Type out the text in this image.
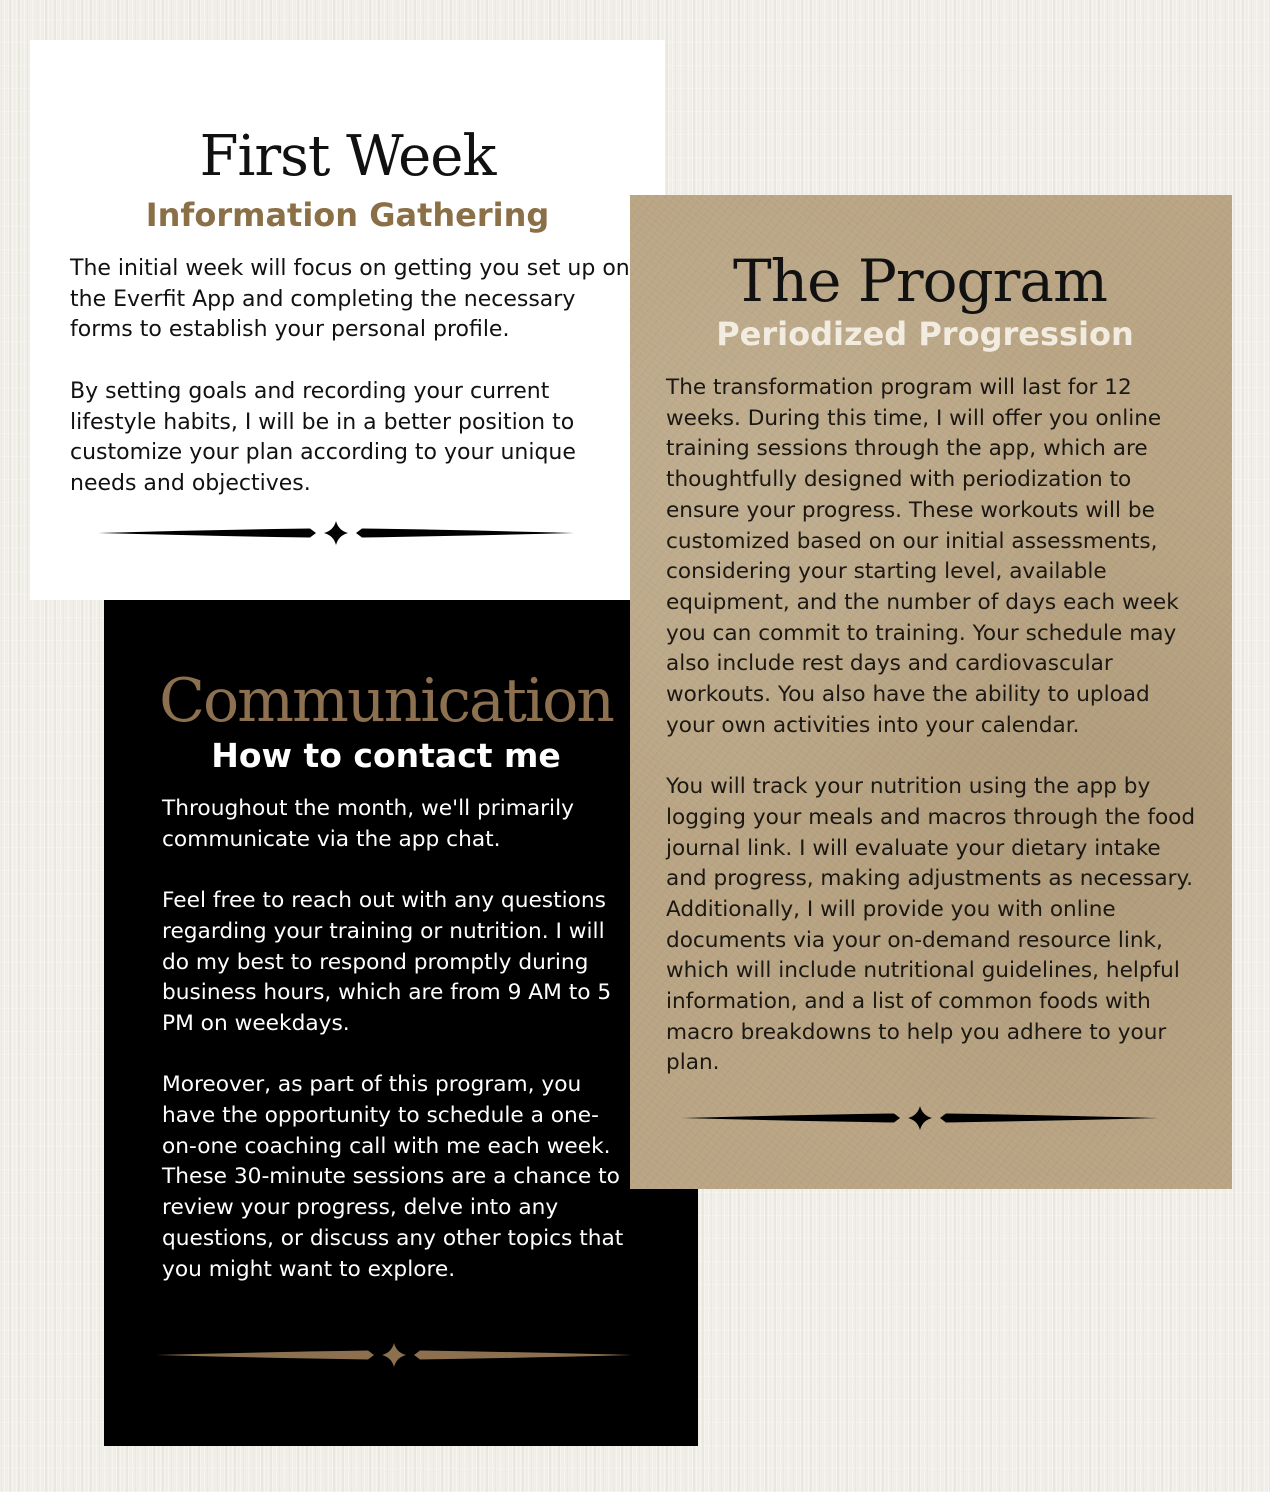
First Week
Information Gathering

The initial week will focus on getting you set up on the Everfit App and completing the necessary forms to establish your personal profile.

By setting goals and recording your current lifestyle habits, I will be in a better position to customize your plan according to your unique needs and objectives.

Communication
How to contact me

Throughout the month, we'll primarily communicate via the app chat.

Feel free to reach out with any questions regarding your training or nutrition. I will do my best to respond promptly during business hours, which are from 9 AM to 5 PM on weekdays.

Moreover, as part of this program, you have the opportunity to schedule a one-on-one coaching call with me each week. These 30-minute sessions are a chance to review your progress, delve into any questions, or discuss any other topics that you might want to explore.

The Program
Periodized Progression

The transformation program will last for 12 weeks. During this time, I will offer you online training sessions through the app, which are thoughtfully designed with periodization to ensure your progress. These workouts will be customized based on our initial assessments, considering your starting level, available equipment, and the number of days each week you can commit to training. Your schedule may also include rest days and cardiovascular workouts. You also have the ability to upload your own activities into your calendar.

You will track your nutrition using the app by logging your meals and macros through the food journal link. I will evaluate your dietary intake and progress, making adjustments as necessary. Additionally, I will provide you with online documents via your on-demand resource link, which will include nutritional guidelines, helpful information, and a list of common foods with macro breakdowns to help you adhere to your plan.
